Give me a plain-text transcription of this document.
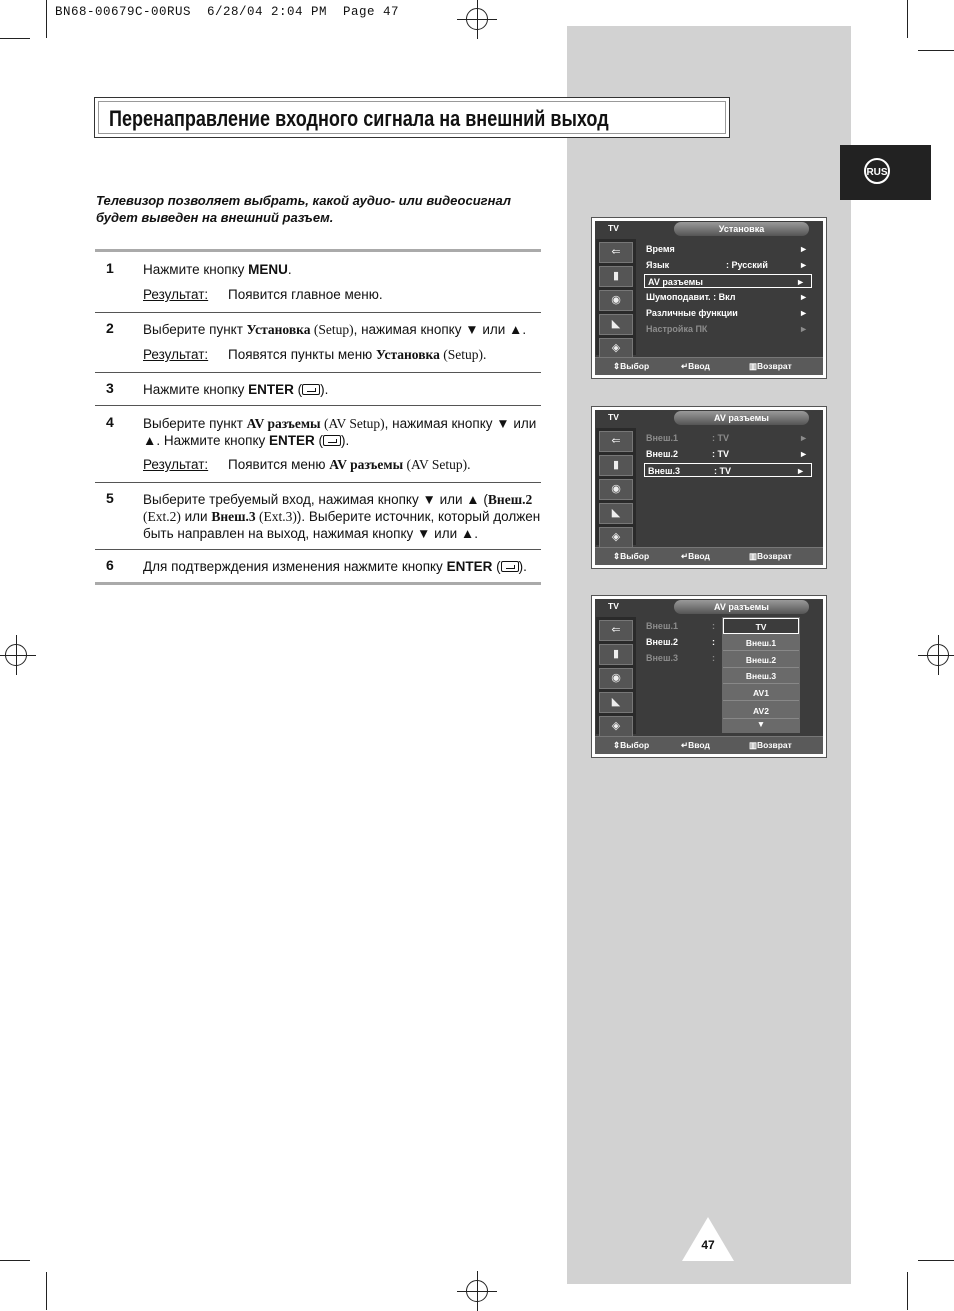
BN68-00679C-00RUS  6/28/04 2:04 PM  Page 47
Перенаправление входного сигнала на внешний выход
RUS
Телевизор позволяет выбрать, какой аудио- или видеосигнал будет выведен на внешний разъем.
1 Нажмите кнопку MENU.
Результат: Появится главное меню.
2 Выберите пункт Установка (Setup), нажимая кнопку ▼ или ▲.
Результат: Появятся пункты меню Установка (Setup).
3 Нажмите кнопку ENTER ( ).
4 Выберите пункт AV разъемы (AV Setup), нажимая кнопку ▼ или ▲. Нажмите кнопку ENTER ( ).
Результат: Появится меню AV разъемы (AV Setup).
5 Выберите требуемый вход, нажимая кнопку ▼ или ▲ (Внеш.2 (Ext.2) или Внеш.3 (Ext.3)). Выберите источник, который должен быть направлен на выход, нажимая кнопку ▼ или ▲.
6 Для подтверждения изменения нажмите кнопку ENTER ( ).
TV	Установка
⇐
▮
◉
◣
◈
Время	►
Язык	: Русский	►
AV разъемы	►
Шумоподавит. : Вкл	►
Различные функции	►
Настройка ПК	►
⇕ Выбор	↵ Ввод	▥ Возврат
TV	AV разъемы
⇐
▮
◉
◣
◈
Внеш.1	: TV	►
Внеш.2	: TV	►
Внеш.3	: TV	►
⇕ Выбор	↵ Ввод	▥ Возврат
TV	AV разъемы
⇐
▮
◉
◣
◈
Внеш.1	:
Внеш.2	:
Внеш.3	:
TV
Внеш.1
Внеш.2
Внеш.3
AV1
AV2
▼
⇕ Выбор	↵ Ввод	▥ Возврат
47
